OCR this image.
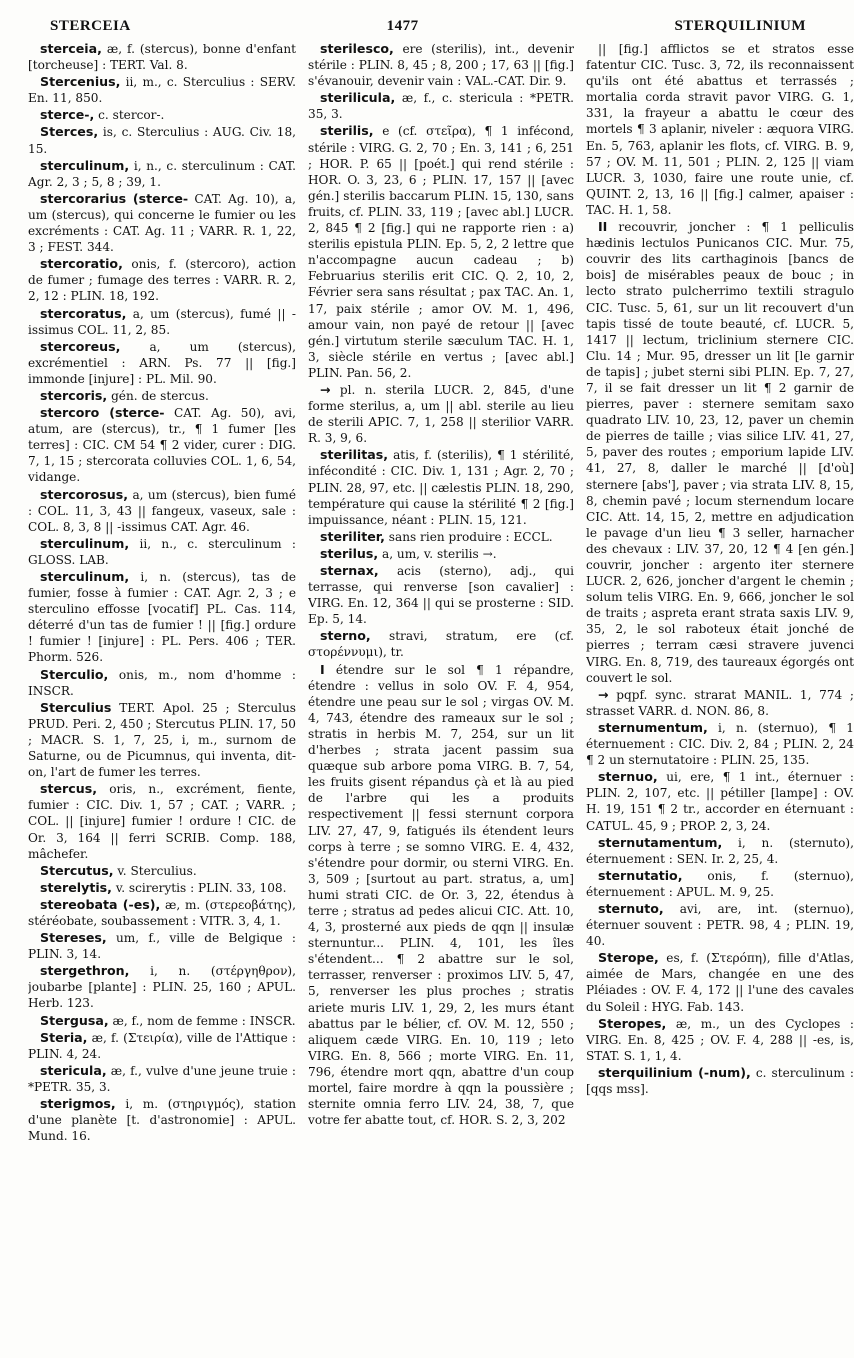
STERCEIA	1477	STERQUILINIUM

sterceia, æ, f. (stercus), bonne d'enfant [torcheuse] : TERT. Val. 8.

Stercenius, ii, m., c. Sterculius : SERV. En. 11, 850.

sterce-, c. stercor-.

Sterces, is, c. Sterculius : AUG. Civ. 18, 15.

sterculinum, i, n., c. sterculinum : CAT. Agr. 2, 3 ; 5, 8 ; 39, 1.

stercorarius (sterce- CAT. Ag. 10), a, um (stercus), qui concerne le fumier ou les excréments : CAT. Ag. 11 ; VARR. R. 1, 22, 3 ; FEST. 344.

stercoratio, onis, f. (stercoro), action de fumer ; fumage des terres : VARR. R. 2, 2, 12 : PLIN. 18, 192.

stercoratus, a, um (stercus), fumé || -issimus COL. 11, 2, 85.

stercoreus, a, um (stercus), excrémentiel : ARN. Ps. 77 || [fig.] immonde [injure] : PL. Mil. 90.

stercoris, gén. de stercus.

stercoro (sterce- CAT. Ag. 50), avi, atum, are (stercus), tr., ¶ 1 fumer [les terres] : CIC. CM 54 ¶ 2 vider, curer : DIG. 7, 1, 15 ; stercorata colluvies COL. 1, 6, 54, vidange.

stercorosus, a, um (stercus), bien fumé : COL. 11, 3, 43 || fangeux, vaseux, sale : COL. 8, 3, 8 || -issimus CAT. Agr. 46.

sterculinum, ii, n., c. sterculinum : GLOSS. LAB.

sterculinum, i, n. (stercus), tas de fumier, fosse à fumier : CAT. Agr. 2, 3 ; e sterculino effosse [vocatif] PL. Cas. 114, déterré d'un tas de fumier ! || [fig.] ordure ! fumier ! [injure] : PL. Pers. 406 ; TER. Phorm. 526.

Sterculio, onis, m., nom d'homme : INSCR.

Sterculius TERT. Apol. 25 ; Sterculus PRUD. Peri. 2, 450 ; Stercutus PLIN. 17, 50 ; MACR. S. 1, 7, 25, i, m., surnom de Saturne, ou de Picumnus, qui inventa, dit-on, l'art de fumer les terres.

stercus, oris, n., excrément, fiente, fumier : CIC. Div. 1, 57 ; CAT. ; VARR. ; COL. || [injure] fumier ! ordure ! CIC. de Or. 3, 164 || ferri SCRIB. Comp. 188, mâchefer.

Stercutus, v. Sterculius.

sterelytis, v. scirerytis : PLIN. 33, 108.

stereobata (-es), æ, m. (στερεοβάτης), stéréobate, soubassement : VITR. 3, 4, 1.

Stereses, um, f., ville de Belgique : PLIN. 3, 14.

stergethron, i, n. (στέργηθρον), joubarbe [plante] : PLIN. 25, 160 ; APUL. Herb. 123.

Stergusa, æ, f., nom de femme : INSCR.

Steria, æ, f. (Στειρία), ville de l'Attique : PLIN. 4, 24.

stericula, æ, f., vulve d'une jeune truie : *PETR. 35, 3.

sterigmos, i, m. (στηριγμός), station d'une planète [t. d'astronomie] : APUL. Mund. 16.

sterilesco, ere (sterilis), int., devenir stérile : PLIN. 8, 45 ; 8, 200 ; 17, 63 || [fig.] s'évanouir, devenir vain : VAL.-CAT. Dir. 9.

sterilicula, æ, f., c. stericula : *PETR. 35, 3.

sterilis, e (cf. στεῖρα), ¶ 1 infécond, stérile : VIRG. G. 2, 70 ; En. 3, 141 ; 6, 251 ; HOR. P. 65 || [poét.] qui rend stérile : HOR. O. 3, 23, 6 ; PLIN. 17, 157 || [avec gén.] sterilis baccarum PLIN. 15, 130, sans fruits, cf. PLIN. 33, 119 ; [avec abl.] LUCR. 2, 845 ¶ 2 [fig.] qui ne rapporte rien : a) sterilis epistula PLIN. Ep. 5, 2, 2 lettre que n'accompagne aucun cadeau ; b) Februarius sterilis erit CIC. Q. 2, 10, 2, Février sera sans résultat ; pax TAC. An. 1, 17, paix stérile ; amor OV. M. 1, 496, amour vain, non payé de retour || [avec gén.] virtutum sterile sæculum TAC. H. 1, 3, siècle stérile en vertus ; [avec abl.] PLIN. Pan. 56, 2.

→ pl. n. sterila LUCR. 2, 845, d'une forme sterilus, a, um || abl. sterile au lieu de sterili APIC. 7, 1, 258 || sterilior VARR. R. 3, 9, 6.

sterilitas, atis, f. (sterilis), ¶ 1 stérilité, infécondité : CIC. Div. 1, 131 ; Agr. 2, 70 ; PLIN. 28, 97, etc. || cælestis PLIN. 18, 290, température qui cause la stérilité ¶ 2 [fig.] impuissance, néant : PLIN. 15, 121.

steriliter, sans rien produire : ECCL.

sterilus, a, um, v. sterilis →.

sternax, acis (sterno), adj., qui terrasse, qui renverse [son cavalier] : VIRG. En. 12, 364 || qui se prosterne : SID. Ep. 5, 14.

sterno, stravi, stratum, ere (cf. στορέννυμι), tr.

I étendre sur le sol ¶ 1 répandre, étendre : vellus in solo OV. F. 4, 954, étendre une peau sur le sol ; virgas OV. M. 4, 743, étendre des rameaux sur le sol ; stratis in herbis M. 7, 254, sur un lit d'herbes ; strata jacent passim sua quæque sub arbore poma VIRG. B. 7, 54, les fruits gisent répandus çà et là au pied de l'arbre qui les a produits respectivement || fessi sternunt corpora LIV. 27, 47, 9, fatigués ils étendent leurs corps à terre ; se somno VIRG. E. 4, 432, s'étendre pour dormir, ou sterni VIRG. En. 3, 509 ; [surtout au part. stratus, a, um] humi strati CIC. de Or. 3, 22, étendus à terre ; stratus ad pedes alicui CIC. Att. 10, 4, 3, prosterné aux pieds de qqn || insulæ sternuntur... PLIN. 4, 101, les îles s'étendent... ¶ 2 abattre sur le sol, terrasser, renverser : proximos LIV. 5, 47, 5, renverser les plus proches ; stratis ariete muris LIV. 1, 29, 2, les murs étant abattus par le bélier, cf. OV. M. 12, 550 ; aliquem cæde VIRG. En. 10, 119 ; leto VIRG. En. 8, 566 ; morte VIRG. En. 11, 796, étendre mort qqn, abattre d'un coup mortel, faire mordre à qqn la poussière ; sternite omnia ferro LIV. 24, 38, 7, que votre fer abatte tout, cf. HOR. S. 2, 3, 202

|| [fig.] afflictos se et stratos esse fatentur CIC. Tusc. 3, 72, ils reconnaissent qu'ils ont été abattus et terrassés ; mortalia corda stravit pavor VIRG. G. 1, 331, la frayeur a abattu le cœur des mortels ¶ 3 aplanir, niveler : æquora VIRG. En. 5, 763, aplanir les flots, cf. VIRG. B. 9, 57 ; OV. M. 11, 501 ; PLIN. 2, 125 || viam LUCR. 3, 1030, faire une route unie, cf. QUINT. 2, 13, 16 || [fig.] calmer, apaiser : TAC. H. 1, 58.

II recouvrir, joncher : ¶ 1 pelliculis hædinis lectulos Punicanos CIC. Mur. 75, couvrir des lits carthaginois [bancs de bois] de misérables peaux de bouc ; in lecto strato pulcherrimo textili stragulo CIC. Tusc. 5, 61, sur un lit recouvert d'un tapis tissé de toute beauté, cf. LUCR. 5, 1417 || lectum, triclinium sternere CIC. Clu. 14 ; Mur. 95, dresser un lit [le garnir de tapis] ; jubet sterni sibi PLIN. Ep. 7, 27, 7, il se fait dresser un lit ¶ 2 garnir de pierres, paver : sternere semitam saxo quadrato LIV. 10, 23, 12, paver un chemin de pierres de taille ; vias silice LIV. 41, 27, 5, paver des routes ; emporium lapide LIV. 41, 27, 8, daller le marché || [d'où] sternere [abs'], paver ; via strata LIV. 8, 15, 8, chemin pavé ; locum sternendum locare CIC. Att. 14, 15, 2, mettre en adjudication le pavage d'un lieu ¶ 3 seller, harnacher des chevaux : LIV. 37, 20, 12 ¶ 4 [en gén.] couvrir, joncher : argento iter sternere LUCR. 2, 626, joncher d'argent le chemin ; solum telis VIRG. En. 9, 666, joncher le sol de traits ; aspreta erant strata saxis LIV. 9, 35, 2, le sol raboteux était jonché de pierres ; terram cæsi stravere juvenci VIRG. En. 8, 719, des taureaux égorgés ont couvert le sol.

→ pqpf. sync. strarat MANIL. 1, 774 ; strasset VARR. d. NON. 86, 8.

sternumentum, i, n. (sternuo), ¶ 1 éternuement : CIC. Div. 2, 84 ; PLIN. 2, 24 ¶ 2 un sternutatoire : PLIN. 25, 135.

sternuo, ui, ere, ¶ 1 int., éternuer : PLIN. 2, 107, etc. || pétiller [lampe] : OV. H. 19, 151 ¶ 2 tr., accorder en éternuant : CATUL. 45, 9 ; PROP. 2, 3, 24.

sternutamentum, i, n. (sternuto), éternuement : SEN. Ir. 2, 25, 4.

sternutatio, onis, f. (sternuo), éternuement : APUL. M. 9, 25.

sternuto, avi, are, int. (sternuo), éternuer souvent : PETR. 98, 4 ; PLIN. 19, 40.

Sterope, es, f. (Στερόπη), fille d'Atlas, aimée de Mars, changée en une des Pléiades : OV. F. 4, 172 || l'une des cavales du Soleil : HYG. Fab. 143.

Steropes, æ, m., un des Cyclopes : VIRG. En. 8, 425 ; OV. F. 4, 288 || -es, is, STAT. S. 1, 1, 4.

sterquilinium (-num), c. sterculinum : [qqs mss].
